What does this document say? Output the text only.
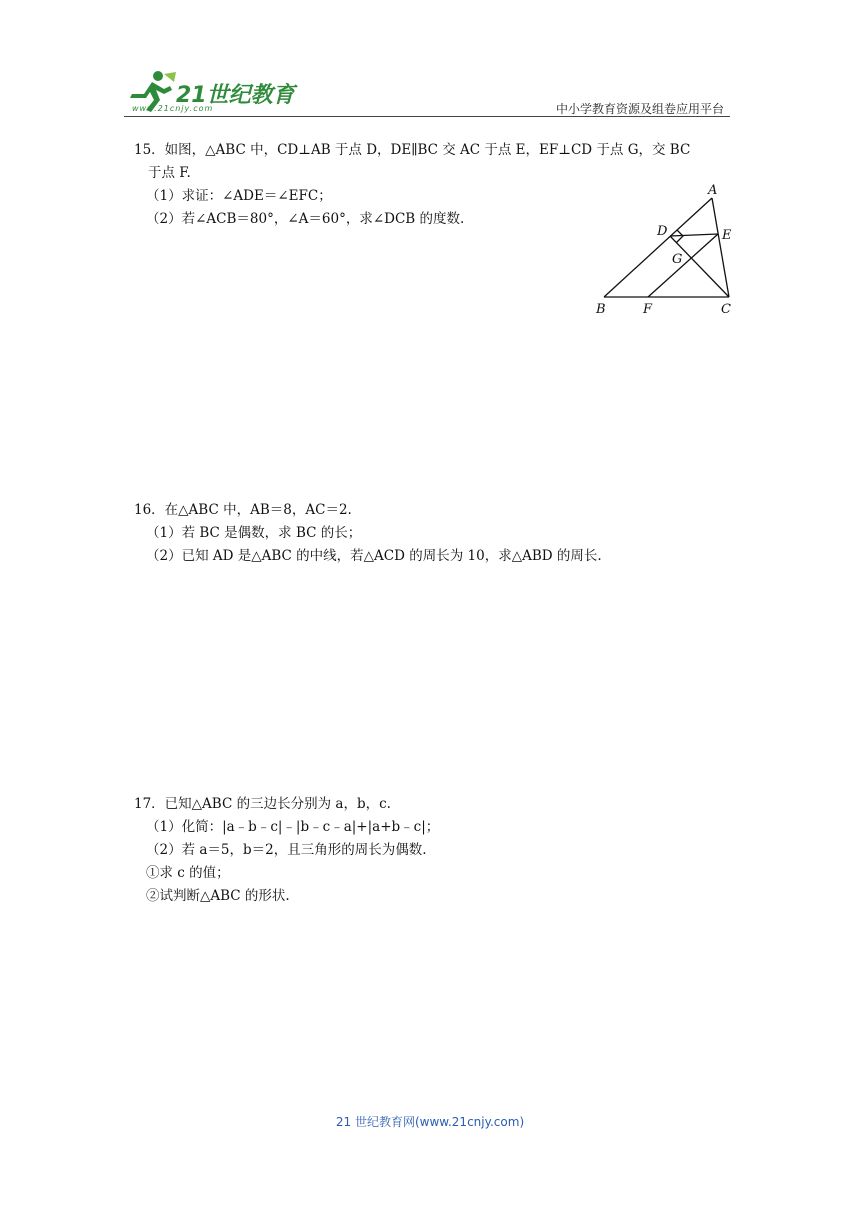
21世纪教育
www.21cnjy.com	中小学教育资源及组卷应用平台
15．如图，△ABC 中，CD⊥AB 于点 D，DE∥BC 交 AC 于点 E，EF⊥CD 于点 G，交 BC
于点 F.
（1）求证：∠ADE＝∠EFC；
（2）若∠ACB＝80°，∠A＝60°，求∠DCB 的度数.
A
D	E
G
B	F	C
16．在△ABC 中，AB＝8，AC＝2.
（1）若 BC 是偶数，求 BC 的长；
（2）已知 AD 是△ABC 的中线，若△ACD 的周长为 10，求△ABD 的周长.
17．已知△ABC 的三边长分别为 a，b，c.
（1）化简：|a﹣b﹣c|﹣|b﹣c﹣a|+|a+b﹣c|；
（2）若 a＝5，b＝2，且三角形的周长为偶数.
①求 c 的值；
②试判断△ABC 的形状.
21 世纪教育网(www.21cnjy.com)
